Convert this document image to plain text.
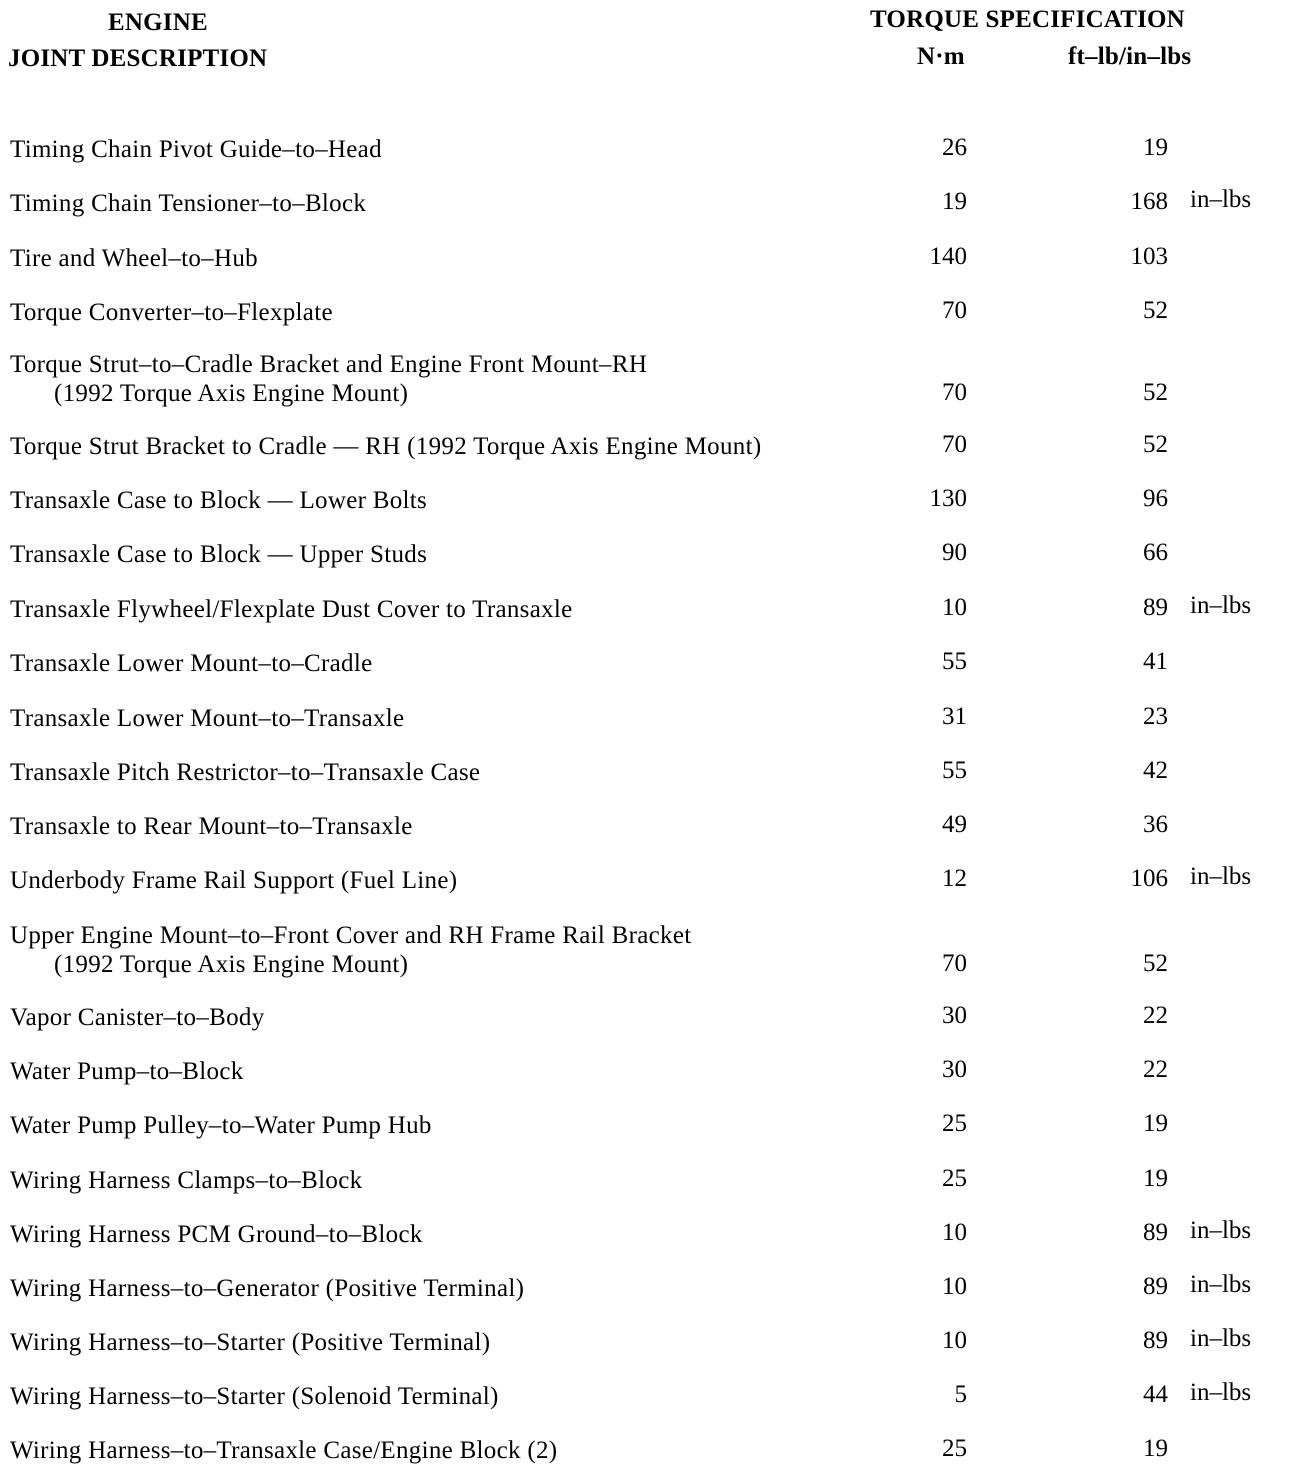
ENGINE
JOINT DESCRIPTION
TORQUE SPECIFICATION
N·m	ft–lb/in–lbs
Timing Chain Pivot Guide–to–Head	26	19
Timing Chain Tensioner–to–Block	19	168 in–lbs
Tire and Wheel–to–Hub	140	103
Torque Converter–to–Flexplate	70	52
Torque Strut–to–Cradle Bracket and Engine Front Mount–RH
(1992 Torque Axis Engine Mount)	70	52
Torque Strut Bracket to Cradle — RH (1992 Torque Axis Engine Mount)	70	52
Transaxle Case to Block — Lower Bolts	130	96
Transaxle Case to Block — Upper Studs	90	66
Transaxle Flywheel/Flexplate Dust Cover to Transaxle	10	89 in–lbs
Transaxle Lower Mount–to–Cradle	55	41
Transaxle Lower Mount–to–Transaxle	31	23
Transaxle Pitch Restrictor–to–Transaxle Case	55	42
Transaxle to Rear Mount–to–Transaxle	49	36
Underbody Frame Rail Support (Fuel Line)	12	106 in–lbs
Upper Engine Mount–to–Front Cover and RH Frame Rail Bracket
(1992 Torque Axis Engine Mount)	70	52
Vapor Canister–to–Body	30	22
Water Pump–to–Block	30	22
Water Pump Pulley–to–Water Pump Hub	25	19
Wiring Harness Clamps–to–Block	25	19
Wiring Harness PCM Ground–to–Block	10	89 in–lbs
Wiring Harness–to–Generator (Positive Terminal)	10	89 in–lbs
Wiring Harness–to–Starter (Positive Terminal)	10	89 in–lbs
Wiring Harness–to–Starter (Solenoid Terminal)	5	44 in–lbs
Wiring Harness–to–Transaxle Case/Engine Block (2)	25	19
